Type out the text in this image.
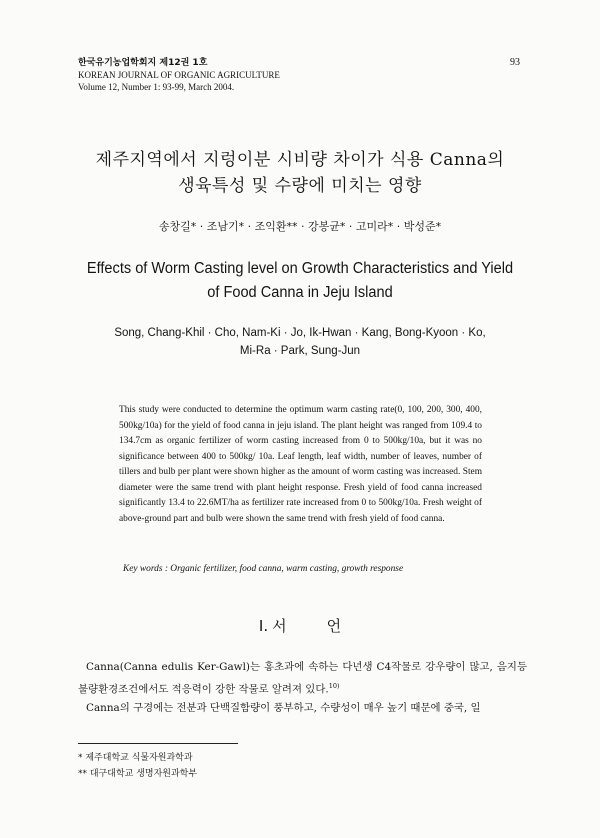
한국유기농업학회지 제12권 1호
KOREAN JOURNAL OF ORGANIC AGRICULTURE
Volume 12, Number 1: 93-99, March 2004.
93
제주지역에서 지렁이분 시비량 차이가 식용 Canna의
생육특성 및 수량에 미치는 영향
송창길* · 조남기* · 조익환** · 강봉균* · 고미라* · 박성준*
Effects of Worm Casting level on Growth Characteristics and Yield
of Food Canna in Jeju Island
Song, Chang-Khil · Cho, Nam-Ki · Jo, Ik-Hwan · Kang, Bong-Kyoon · Ko,
Mi-Ra · Park, Sung-Jun
This study were conducted to determine the optimum warm casting rate(0, 100, 200, 300, 400, 500kg/10a) for the yield of food canna in jeju island. The plant height was ranged from 109.4 to 134.7cm as organic fertilizer of worm casting increased from 0 to 500kg/10a, but it was no significance between 400 to 500kg/ 10a. Leaf length, leaf width, number of leaves, number of tillers and bulb per plant were shown higher as the amount of worm casting was increased. Stem diameter were the same trend with plant height response. Fresh yield of food canna increased significantly 13.4 to 22.6MT/ha as fertilizer rate increased from 0 to 500kg/10a. Fresh weight of above-ground part and bulb were shown the same trend with fresh yield of food canna.
Key words : Organic fertilizer, food canna, warm casting, growth response
I. 서	언

Canna(Canna edulis Ker-Gawl)는 홍초과에 속하는 다년생 C4작물로 강우량이 많고, 음지등 불량환경조건에서도 적응력이 강한 작물로 알려져 있다.$^{10)}$

Canna의 구경에는 전분과 단백질함량이 풍부하고, 수량성이 매우 높기 때문에 중국, 일

* 제주대학교 식물자원과학과
** 대구대학교 생명자원과학부
